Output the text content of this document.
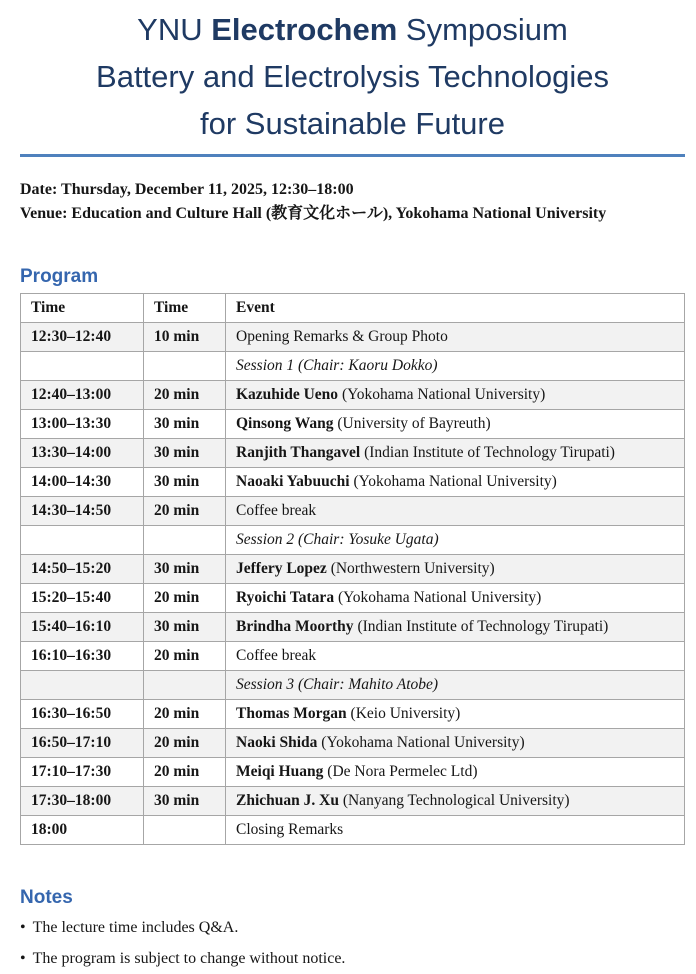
YNU Electrochem Symposium
Battery and Electrolysis Technologies
for Sustainable Future

Date: Thursday, December 11, 2025, 12:30–18:00

Venue: Education and Culture Hall (教育文化ホール), Yokohama National University

Program
Time	Time	Event
12:30–12:40	10 min	Opening Remarks & Group Photo
		Session 1 (Chair: Kaoru Dokko)
12:40–13:00	20 min	Kazuhide Ueno (Yokohama National University)
13:00–13:30	30 min	Qinsong Wang (University of Bayreuth)
13:30–14:00	30 min	Ranjith Thangavel (Indian Institute of Technology Tirupati)
14:00–14:30	30 min	Naoaki Yabuuchi (Yokohama National University)
14:30–14:50	20 min	Coffee break
		Session 2 (Chair: Yosuke Ugata)
14:50–15:20	30 min	Jeffery Lopez (Northwestern University)
15:20–15:40	20 min	Ryoichi Tatara (Yokohama National University)
15:40–16:10	30 min	Brindha Moorthy (Indian Institute of Technology Tirupati)
16:10–16:30	20 min	Coffee break
		Session 3 (Chair: Mahito Atobe)
16:30–16:50	20 min	Thomas Morgan (Keio University)
16:50–17:10	20 min	Naoki Shida (Yokohama National University)
17:10–17:30	20 min	Meiqi Huang (De Nora Permelec Ltd)
17:30–18:00	30 min	Zhichuan J. Xu (Nanyang Technological University)
18:00		Closing Remarks
Notes
• The lecture time includes Q&A.
• The program is subject to change without notice.
